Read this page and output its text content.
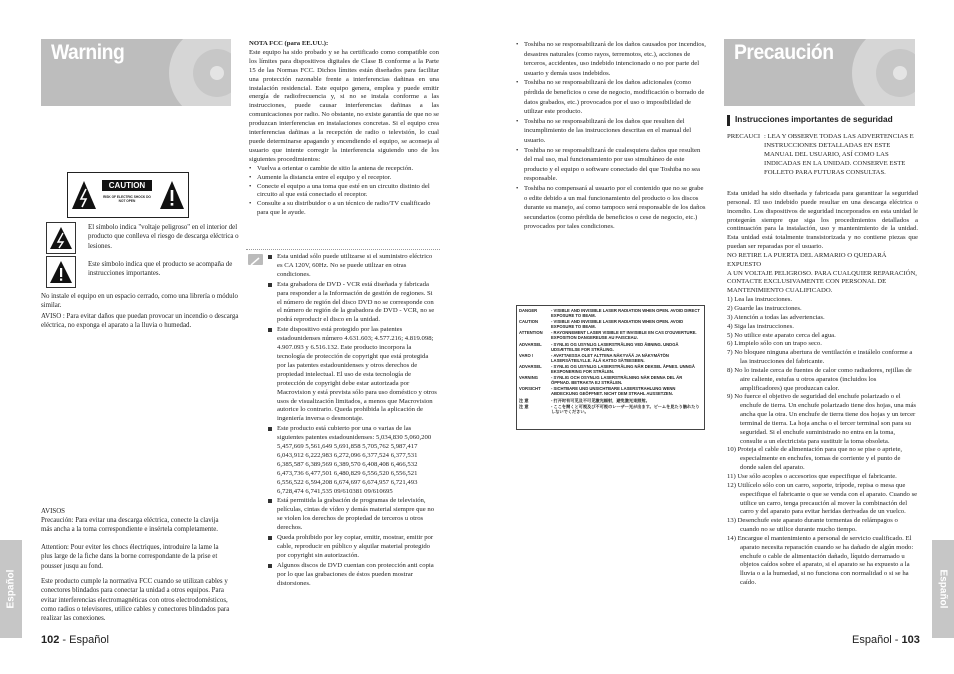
Warning
CAUTION
RISK OF ELECTRIC SHOCK DO NOT OPEN
El símbolo indica "voltaje peligroso" en el interior del producto que conlleva el riesgo de descarga eléctrica o lesiones.
Este símbolo indica que el producto se acompaña de instrucciones importantes.
No instale el equipo en un espacio cerrado, como una librería o módulo similar.
AVISO : Para evitar daños que puedan provocar un incendio o descarga eléctrica, no exponga el aparato a la lluvia o humedad.
AVISOS
Precaución: Para evitar una descarga eléctrica, conecte la clavija más ancha a la toma correspondiente e insértela completamente.
Attention: Pour eviter les chocs électriques, introduire la lame la plus large de la fiche dans la borne correspondante de la prise et pousser jusqu au fond.
Este producto cumple la normativa FCC cuando se utilizan cables y conectores blindados para conectar la unidad a otros equipos. Para evitar interferencias electromagnéticas con otros electrodomésticos, como radios o televisores, utilice cables y conectores blindados para realizar las conexiones.
Español
102 - Español
NOTA FCC (para EE.UU.):
Este equipo ha sido probado y se ha certificado como compatible con los límites para dispositivos digitales de Clase B conforme a la Parte 15 de las Normas FCC. Dichos límites están diseñados para facilitar una protección razonable frente a interferencias dañinas en una instalación residencial. Este equipo genera, emplea y puede emitir energía de radiofrecuencia y, si no se instala conforme a las instrucciones, puede causar interferencias dañinas a las comunicaciones por radio. No obstante, no existe garantía de que no se produzcan interferencias en instalaciones concretas. Si el equipo crea interferencias dañinas a la recepción de radio o televisión, lo cual puede determinarse apagando y encendiendo el equipo, se aconseja al usuario que intente corregir la interferencia siguiendo uno de los siguientes procedimientos:
• Vuelva a orientar o cambie de sitio la antena de recepción.
• Aumente la distancia entre el equipo y el receptor.
• Conecte el equipo a una toma que esté en un circuito distinto del circuito al que está conectado el receptor.
• Consulte a su distribuidor o a un técnico de radio/TV cualificado para que le ayude.
Esta unidad sólo puede utilizarse si el suministro eléctrico es CA 120V, 60Hz. No se puede utilizar en otras condiciones.
Esta grabadora de DVD - VCR está diseñada y fabricada para responder a la Información de gestión de regiones. Si el número de región del disco DVD no se corresponde con el número de región de la grabadora de DVD - VCR, no se podrá reproducir el disco en la unidad.
Este dispositivo está protegido por las patentes estadounidenses número 4.631.603; 4.577.216; 4.819.098; 4.907.093 y 6.516.132. Este producto incorpora la tecnología de protección de copyright que está protegida por las patentes estadounidenses y otros derechos de propiedad intelectual. El uso de esta tecnología de protección de copyright debe estar autorizada por Macrovision y está prevista sólo para uso doméstico y otros usos de visualización limitados, a menos que Macrovision autorice lo contrario. Queda prohibida la aplicación de ingeniería inversa o desmontaje.
Este producto está cubierto por una o varias de las siguientes patentes estadounidenses: 5,034,830 5,060,200 5,457,669 5,561,649 5,691,858 5,705,762 5,987,417 6,043,912 6,222,983 6,272,096 6,377,524 6,377,531 6,385,587 6,389,569 6,389,570 6,408,408 6,466,532 6,473,736 6,477,501 6,480,829 6,556,520 6,556,521 6,556,522 6,594,208 6,674,697 6,674,957 6,721,493 6,728,474 6,741,535 09/610381 09/610695
Está permitida la grabación de programas de televisión, películas, cintas de vídeo y demás material siempre que no se violen los derechos de propiedad de terceros u otros derechos.
Queda prohibido por ley copiar, emitir, mostrar, emitir por cable, reproducir en público y alquilar material protegido por copyright sin autorización.
Algunos discos de DVD cuentan con protección anti copia por lo que las grabaciones de éstos pueden mostrar distorsiones.
• Toshiba no se responsabilizará de los daños causados por incendios, desastres naturales (como rayos, terremotos, etc.), acciones de terceros, accidentes, uso indebido intencionado o no por parte del usuario y demás usos indebidos.
• Toshiba no se responsabilizará de los daños adicionales (como pérdida de beneficios o cese de negocio, modificación o borrado de datos grabados, etc.) provocados por el uso o imposibilidad de utilizar este producto.
• Toshiba no se responsabilizará de los daños que resulten del incumplimiento de las instrucciones descritas en el manual del usuario.
• Toshiba no se responsabilizará de cualesquiera daños que resulten del mal uso, mal funcionamiento por uso simultáneo de este producto y el equipo o software conectado del que Toshiba no sea responsable.
• Toshiba no compensará al usuario por el contenido que no se grabe o edite debido a un mal funcionamiento del producto o los discos durante su manejo, así como tampoco será responsable de los daños secundarios (como pérdida de beneficios o cese de negocio, etc.) provocados por tales condiciones.
DANGER	- VISIBLE AND INVISIBLE LASER RADIATION WHEN OPEN. AVOID DIRECT EXPOSURE TO BEAM.
CAUTION	- VISIBLE AND INVISIBLE LASER RADIATION WHEN OPEN. AVOID EXPOSURE TO BEAM.
ATTENTION	- RAYONNEMENT LASER VISIBLE ET INVISIBLE EN CAS D'OUVERTURE. EXPOSITION DANGEREUSE AU FAISCEAU.
ADVARSEL	- SYNLIG OG USYNLIG LASERSTRÅLING VED ÅBNING. UNDGÅ UDSÆTTELSE FOR STRÅLING.
VARO !	- AVATTAESSA OLET ALTTIINA NÄKYVÄÄ JA NÄKYMÄTÖN LASERSÄTEILYLLE. ÄLÄ KATSO SÄTEESEEN.
ADVARSEL	- SYNLIG OG USYNLIG LASERSTRÅLING NÅR DEKSEL ÅPNES. UNNGÅ EKSPONERING FOR STRÅLEN.
VARNING	- SYNLIG OCH OSYNLIG LASERSTRÅLNING NÄR DENNA DEL ÄR ÖPPNAD. BETRAKTA EJ STRÅLEN.
VORSICHT	- SICHTBARE UND UNSICHTBARE LASERSTRAHLUNG WENN ABDECKUNG GEÖFFNET. NICHT DEM STRAHL AUSSETZEN.
注 意	- 打开时有可见及不可见激光辐射，避免激光束照射。
注 意	- ここを開くと可視及び不可視のレーザー光が出ます。ビームを見たり触れたりしないでください。
Precaución
Instrucciones importantes de seguridad
PRECAUCI : LEA Y OBSERVE TODAS LAS ADVERTENCIAS E INSTRUCCIONES DETALLADAS EN ESTE MANUAL DEL USUARIO, ASÍ COMO LAS INDICADAS EN LA UNIDAD. CONSERVE ESTE FOLLETO PARA FUTURAS CONSULTAS.
Esta unidad ha sido diseñada y fabricada para garantizar la seguridad personal. El uso indebido puede resultar en una descarga eléctrica o incendio. Los dispositivos de seguridad incorporados en esta unidad le protegerán siempre que siga los procedimientos detallados a continuación para la instalación, uso y mantenimiento de la unidad. Esta unidad está totalmente transistorizada y no contiene piezas que puedan ser reparadas por el usuario.
NO RETIRE LA PUERTA DEL ARMARIO O QUEDARÁ EXPUESTO
A UN VOLTAJE PELIGROSO. PARA CUALQUIER REPARACIÓN, CONTACTE EXCLUSIVAMENTE CON PERSONAL DE MANTENIMIENTO CUALIFICADO.
1) Lea las instrucciones.
2) Guarde las instrucciones.
3) Atención a todas las advertencias.
4) Siga las instrucciones.
5) No utilice este aparato cerca del agua.
6) Limpielo sólo con un trapo seco.
7) No bloquee ninguna abertura de ventilación e instálelo conforme a las instrucciones del fabricante.
8) No lo instale cerca de fuentes de calor como radiadores, rejillas de aire caliente, estufas u otros aparatos (incluidos los amplificadores) que produzcan calor.
9) No fuerce el objetivo de seguridad del enchufe polarizado o el enchufe de tierra. Un enchufe polarizado tiene dos hojas, una más ancha que la otra. Un enchufe de tierra tiene dos hojas y un tercer terminal de tierra. La hoja ancha o el tercer terminal son para su seguridad. Si el enchufe suministrado no entra en la toma, consulte a un electricista para sustituir la toma obsoleta.
10) Proteja el cable de alimentación para que no se pise o apriete, especialmente en enchufes, tomas de corriente y el punto de donde salen del aparato.
11) Use sólo acoples o accesorios que especifique el fabricante.
12) Utilícelo sólo con un carro, soporte, trípode, repisa o mesa que especifique el fabricante o que se venda con el aparato. Cuando se utilice un carro, tenga precaución al mover la combinación del carro y del aparato para evitar heridas derivadas de un vuelco.
13) Desenchufe este aparato durante tormentas de relámpagos o cuando no se utilice durante mucho tiempo.
14) Encargue el mantenimiento a personal de servicio cualificado. El aparato necesita reparación cuando se ha dañado de algún modo: enchufe o cable de alimentación dañado, líquido derramado u objetos caídos sobre el aparato, si el aparato se ha expuesto a la lluvia o a la humedad, si no funciona con normalidad o si se ha caído.	Español
Español - 103
